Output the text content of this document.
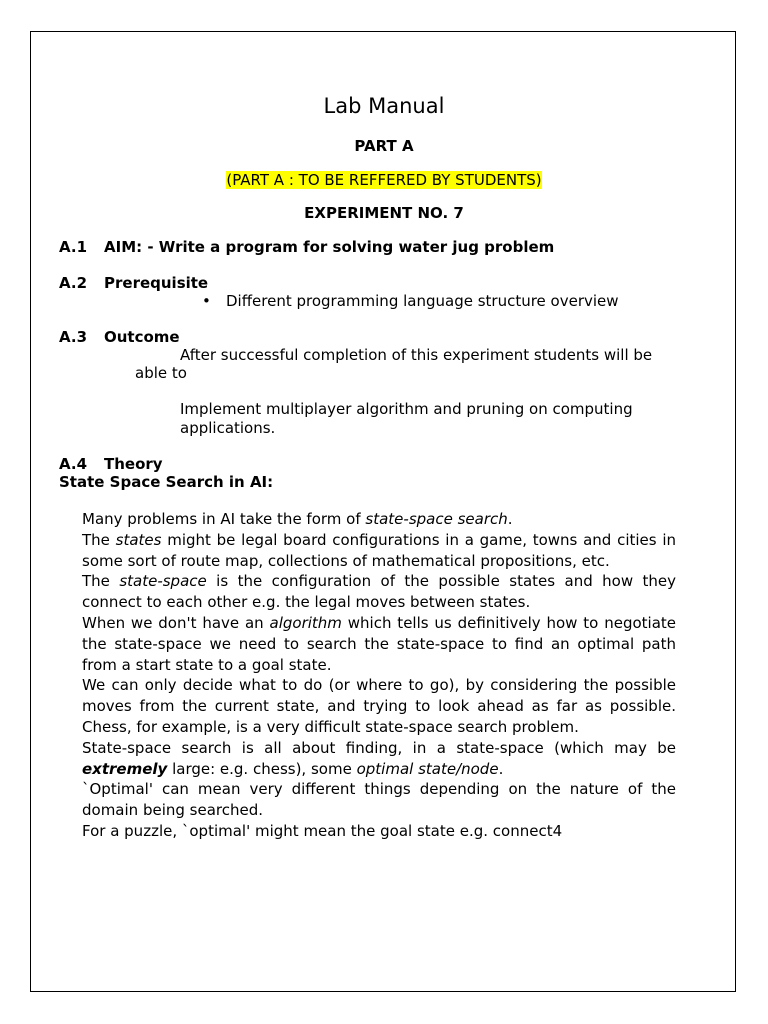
Lab Manual
PART A
(PART A : TO BE REFFERED BY STUDENTS)
EXPERIMENT NO. 7
A.1 AIM: - Write a program for solving water jug problem
A.2 Prerequisite
• Different programming language structure overview
A.3 Outcome
After successful completion of this experiment students will be
able to
Implement multiplayer algorithm and pruning on computing
applications.
A.4 Theory
State Space Search in AI:

Many problems in AI take the form of state-space search.

The states might be legal board configurations in a game, towns and cities in some sort of route map, collections of mathematical propositions, etc.

The state-space is the configuration of the possible states and how they connect to each other e.g. the legal moves between states.

When we don't have an algorithm which tells us definitively how to negotiate the state-space we need to search the state-space to find an optimal path from a start state to a goal state.

We can only decide what to do (or where to go), by considering the possible moves from the current state, and trying to look ahead as far as possible. Chess, for example, is a very difficult state-space search problem.

State-space search is all about finding, in a state-space (which may be extremely large: e.g. chess), some optimal state/node.

`Optimal' can mean very different things depending on the nature of the domain being searched.

For a puzzle, `optimal' might mean the goal state e.g. connect4
